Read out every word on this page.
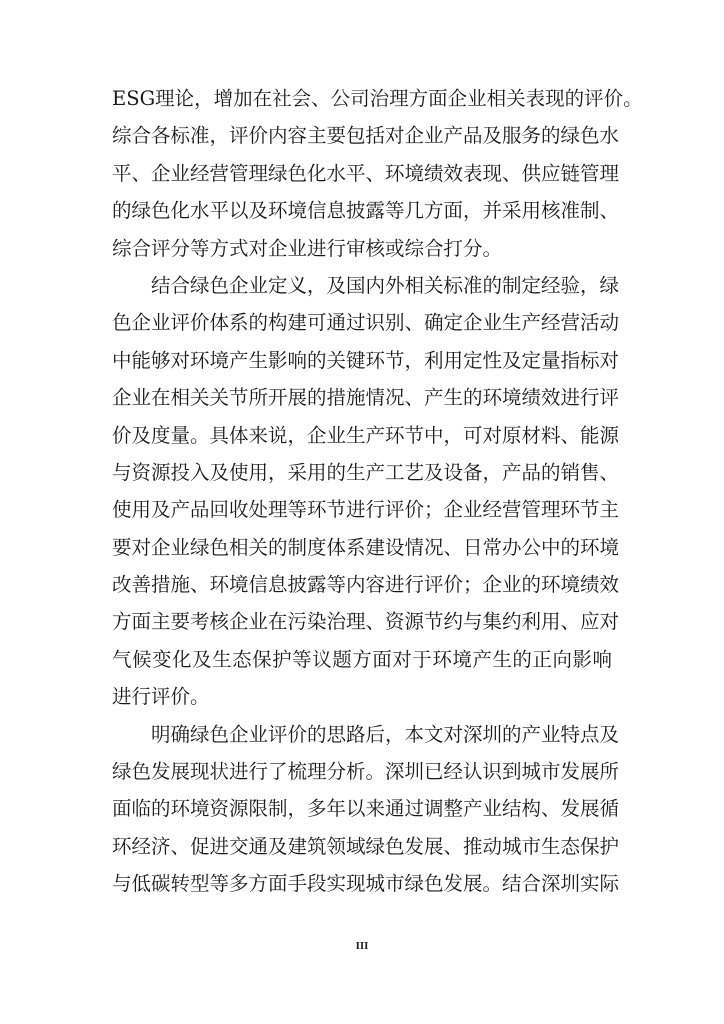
ESG理论，增加在社会、公司治理方面企业相关表现的评价。
综合各标准，评价内容主要包括对企业产品及服务的绿色水
平、企业经营管理绿色化水平、环境绩效表现、供应链管理
的绿色化水平以及环境信息披露等几方面，并采用核准制、
综合评分等方式对企业进行审核或综合打分。
结合绿色企业定义，及国内外相关标准的制定经验，绿
色企业评价体系的构建可通过识别、确定企业生产经营活动
中能够对环境产生影响的关键环节，利用定性及定量指标对
企业在相关关节所开展的措施情况、产生的环境绩效进行评
价及度量。具体来说，企业生产环节中，可对原材料、能源
与资源投入及使用，采用的生产工艺及设备，产品的销售、
使用及产品回收处理等环节进行评价；企业经营管理环节主
要对企业绿色相关的制度体系建设情况、日常办公中的环境
改善措施、环境信息披露等内容进行评价；企业的环境绩效
方面主要考核企业在污染治理、资源节约与集约利用、应对
气候变化及生态保护等议题方面对于环境产生的正向影响
进行评价。
明确绿色企业评价的思路后，本文对深圳的产业特点及
绿色发展现状进行了梳理分析。深圳已经认识到城市发展所
面临的环境资源限制，多年以来通过调整产业结构、发展循
环经济、促进交通及建筑领域绿色发展、推动城市生态保护
与低碳转型等多方面手段实现城市绿色发展。结合深圳实际
III
